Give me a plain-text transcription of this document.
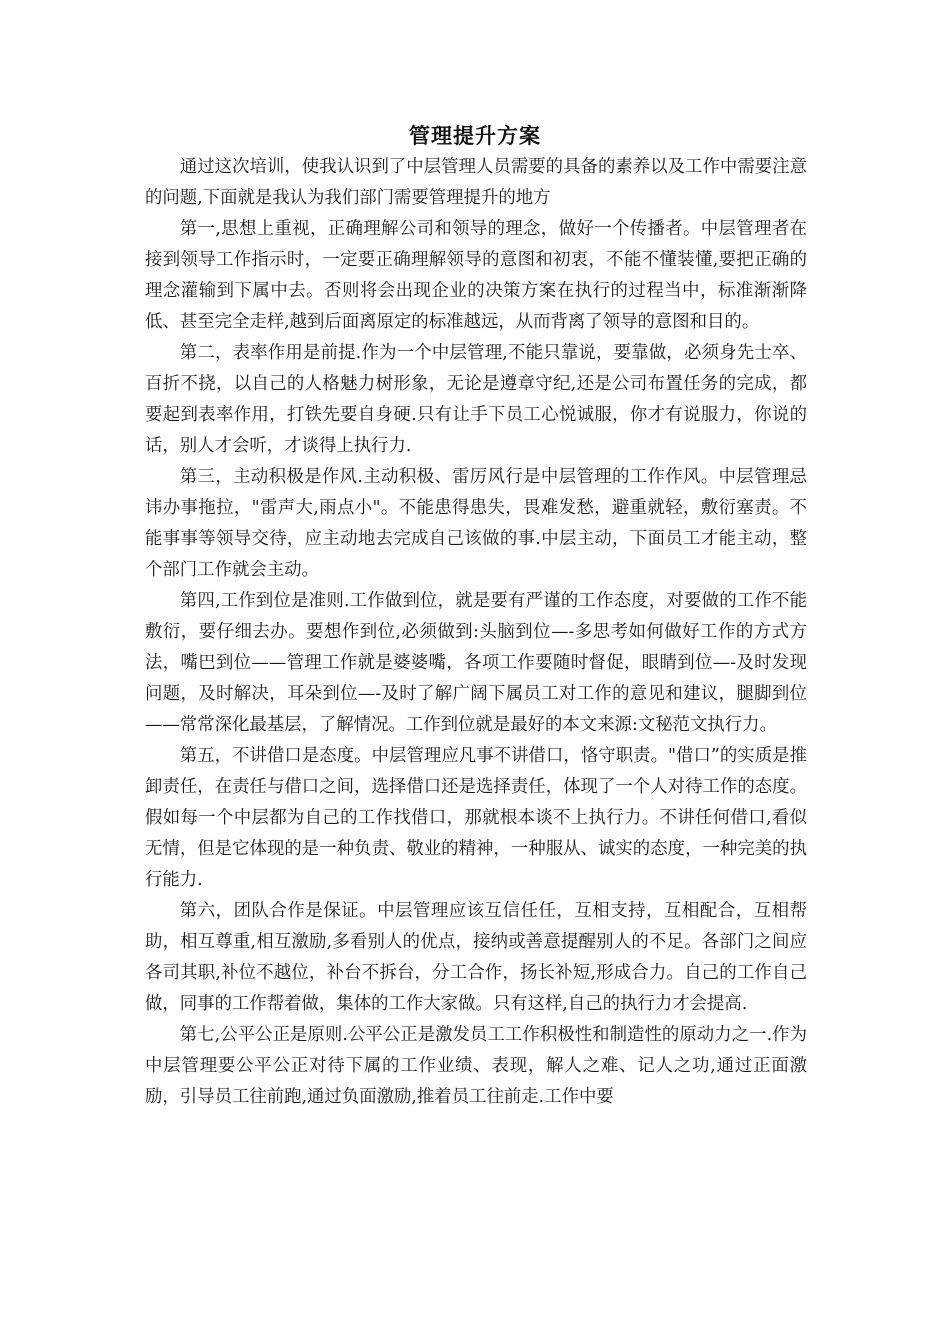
管理提升方案

通过这次培训，使我认识到了中层管理人员需要的具备的素养以及工作中需要注意的问题,下面就是我认为我们部门需要管理提升的地方

第一,思想上重视，正确理解公司和领导的理念，做好一个传播者。中层管理者在接到领导工作指示时，一定要正确理解领导的意图和初衷，不能不懂装懂,要把正确的理念灌输到下属中去。否则将会出现企业的决策方案在执行的过程当中，标准渐渐降低、甚至完全走样,越到后面离原定的标准越远，从而背离了领导的意图和目的。

第二，表率作用是前提.作为一个中层管理,不能只靠说，要靠做，必须身先士卒、百折不挠，以自己的人格魅力树形象，无论是遵章守纪,还是公司布置任务的完成，都要起到表率作用，打铁先要自身硬.只有让手下员工心悦诚服，你才有说服力，你说的话，别人才会听，才谈得上执行力.

第三，主动积极是作风.主动积极、雷厉风行是中层管理的工作作风。中层管理忌讳办事拖拉，"雷声大,雨点小"。不能患得患失，畏难发愁，避重就轻，敷衍塞责。不能事事等领导交待，应主动地去完成自己该做的事.中层主动，下面员工才能主动，整个部门工作就会主动。

第四,工作到位是准则.工作做到位，就是要有严谨的工作态度，对要做的工作不能敷衍，要仔细去办。要想作到位,必须做到:头脑到位—-多思考如何做好工作的方式方法，嘴巴到位——管理工作就是婆婆嘴，各项工作要随时督促，眼睛到位—-及时发现问题，及时解决，耳朵到位—-及时了解广阔下属员工对工作的意见和建议，腿脚到位——常常深化最基层，了解情况。工作到位就是最好的本文来源:文秘范文执行力。

第五，不讲借口是态度。中层管理应凡事不讲借口，恪守职责。"借口”的实质是推卸责任，在责任与借口之间，选择借口还是选择责任，体现了一个人对待工作的态度。假如每一个中层都为自己的工作找借口，那就根本谈不上执行力。不讲任何借口,看似无情，但是它体现的是一种负责、敬业的精神，一种服从、诚实的态度，一种完美的执行能力.

第六，团队合作是保证。中层管理应该互信任任，互相支持，互相配合，互相帮助，相互尊重,相互激励,多看别人的优点，接纳或善意提醒别人的不足。各部门之间应各司其职,补位不越位，补台不拆台，分工合作，扬长补短,形成合力。自己的工作自己做，同事的工作帮着做，集体的工作大家做。只有这样,自己的执行力才会提高.

第七,公平公正是原则.公平公正是激发员工工作积极性和制造性的原动力之一.作为中层管理要公平公正对待下属的工作业绩、表现，解人之难、记人之功,通过正面激励，引导员工往前跑,通过负面激励,推着员工往前走.工作中要
